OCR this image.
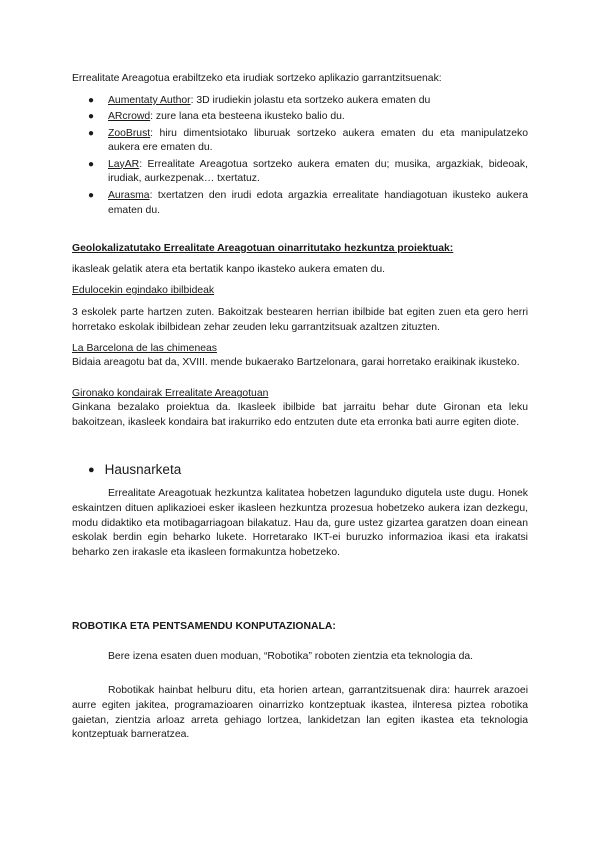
Errealitate Areagotua erabiltzeko eta irudiak sortzeko aplikazio garrantzitsuenak:
● Aumentaty Author: 3D irudiekin jolastu eta sortzeko aukera ematen du
● ARcrowd: zure lana eta besteena ikusteko balio du.
● ZooBrust: hiru dimentsiotako liburuak sortzeko aukera ematen du eta manipulatzeko aukera ere ematen du.
● LayAR: Errealitate Areagotua sortzeko aukera ematen du; musika, argazkiak, bideoak, irudiak, aurkezpenak… txertatuz.
● Aurasma: txertatzen den irudi edota argazkia errealitate handiagotuan ikusteko aukera ematen du.
Geolokalizatutako Errealitate Areagotuan oinarritutako hezkuntza proiektuak:
ikasleak gelatik atera eta bertatik kanpo ikasteko aukera ematen du.
Edulocekin egindako ibilbideak
3 eskolek parte hartzen zuten. Bakoitzak bestearen herrian ibilbide bat egiten zuen eta gero herri horretako eskolak ibilbidean zehar zeuden leku garrantzitsuak azaltzen zituzten.
La Barcelona de las chimeneas
Bidaia areagotu bat da, XVIII. mende bukaerako Bartzelonara, garai horretako eraikinak ikusteko.
Gironako kondairak Errealitate Areagotuan
Ginkana bezalako proiektua da. Ikasleek ibilbide bat jarraitu behar dute Gironan eta leku bakoitzean, ikasleek kondaira bat irakurriko edo entzuten dute eta erronka bati aurre egiten diote.
● Hausnarketa
Errealitate Areagotuak hezkuntza kalitatea hobetzen lagunduko digutela uste dugu. Honek eskaintzen dituen aplikazioei esker ikasleen hezkuntza prozesua hobetzeko aukera izan dezkegu, modu didaktiko eta motibagarriagoan bilakatuz. Hau da, gure ustez gizartea garatzen doan einean eskolak berdin egin beharko lukete. Horretarako IKT-ei buruzko informazioa ikasi eta irakatsi beharko zen irakasle eta ikasleen formakuntza hobetzeko.
ROBOTIKA ETA PENTSAMENDU KONPUTAZIONALA:
Bere izena esaten duen moduan, “Robotika” roboten zientzia eta teknologia da.
Robotikak hainbat helburu ditu, eta horien artean, garrantzitsuenak dira: haurrek arazoei aurre egiten jakitea, programazioaren oinarrizko kontzeptuak ikastea, ilnteresa piztea robotika gaietan, zientzia arloaz arreta gehiago lortzea, lankidetzan lan egiten ikastea eta teknologia kontzeptuak barneratzea.
